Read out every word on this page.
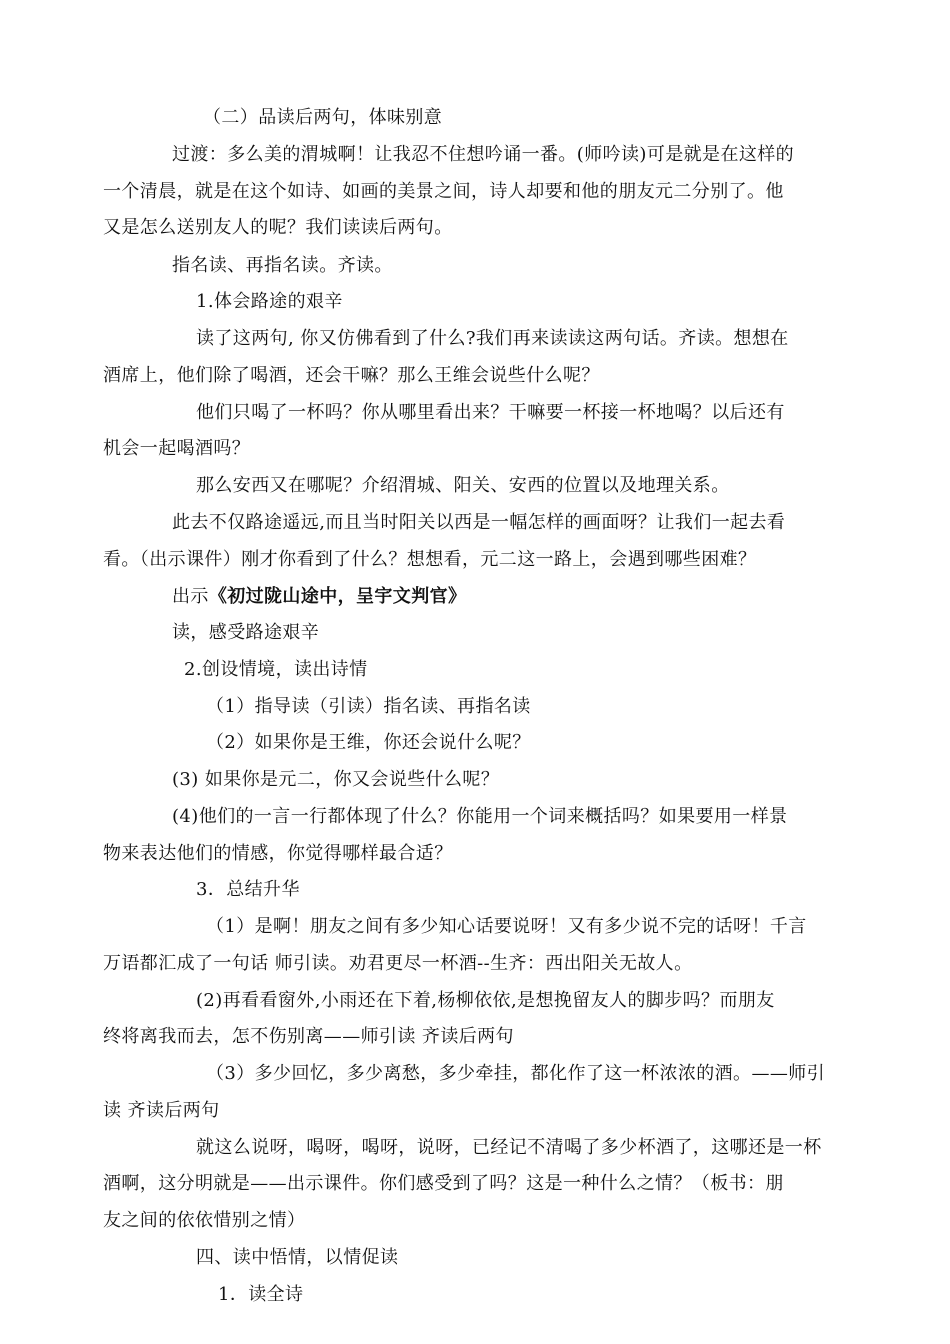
（二）品读后两句，体味别意

过渡：多么美的渭城啊！让我忍不住想吟诵一番。(师吟读)可是就是在这样的

一个清晨，就是在这个如诗、如画的美景之间，诗人却要和他的朋友元二分别了。他

又是怎么送别友人的呢？我们读读后两句。

指名读、再指名读。齐读。

1.体会路途的艰辛

读了这两句, 你又仿佛看到了什么?我们再来读读这两句话。齐读。想想在

酒席上，他们除了喝酒，还会干嘛？那么王维会说些什么呢？

他们只喝了一杯吗？你从哪里看出来？干嘛要一杯接一杯地喝？以后还有

机会一起喝酒吗？

那么安西又在哪呢？介绍渭城、阳关、安西的位置以及地理关系。

此去不仅路途遥远,而且当时阳关以西是一幅怎样的画面呀？让我们一起去看

看。（出示课件）刚才你看到了什么？想想看，元二这一路上，会遇到哪些困难？

出示《初过陇山途中，呈宇文判官》

读，感受路途艰辛

2.创设情境，读出诗情

（1）指导读（引读）指名读、再指名读

（2）如果你是王维，你还会说什么呢？

(3) 如果你是元二，你又会说些什么呢？

(4)他们的一言一行都体现了什么？你能用一个词来概括吗？如果要用一样景

物来表达他们的情感，你觉得哪样最合适？

3．总结升华

（1）是啊！朋友之间有多少知心话要说呀！又有多少说不完的话呀！千言

万语都汇成了一句话 师引读。劝君更尽一杯酒--生齐：西出阳关无故人。

(2)再看看窗外,小雨还在下着,杨柳依依,是想挽留友人的脚步吗？而朋友

终将离我而去，怎不伤别离——师引读 齐读后两句

（3）多少回忆，多少离愁，多少牵挂，都化作了这一杯浓浓的酒。——师引

读 齐读后两句

就这么说呀，喝呀，喝呀，说呀，已经记不清喝了多少杯酒了，这哪还是一杯

酒啊，这分明就是——出示课件。你们感受到了吗？这是一种什么之情？（板书：朋

友之间的依依惜别之情）

四、读中悟情，以情促读

1．读全诗
